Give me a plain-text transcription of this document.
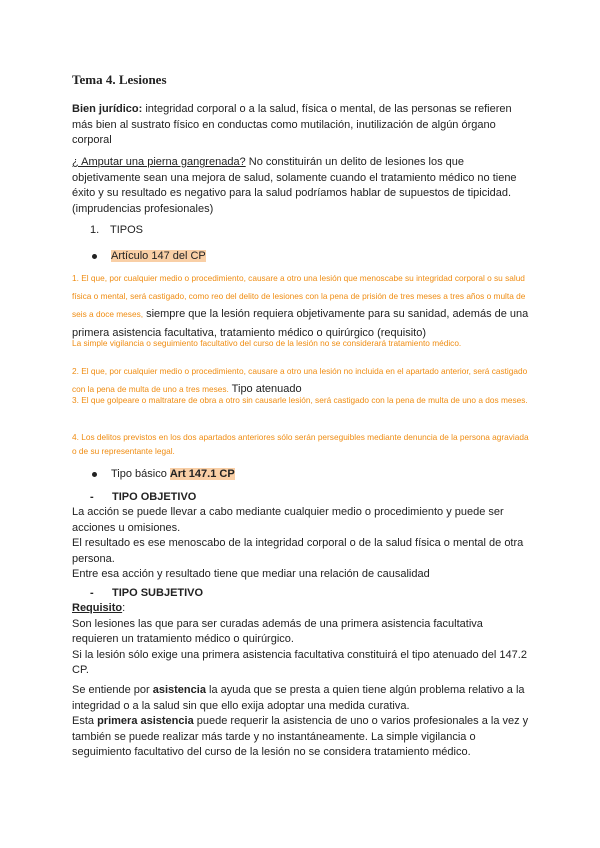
Tema 4. Lesiones
Bien jurídico: integridad corporal o a la salud, física o mental, de las personas se refieren más bien al sustrato físico en conductas como mutilación, inutilización de algún órgano corporal
¿ Amputar una pierna gangrenada? No constituirán un delito de lesiones los que objetivamente sean una mejora de salud, solamente cuando el tratamiento médico no tiene éxito y su resultado es negativo para la salud podríamos hablar de supuestos de tipicidad. (imprudencias profesionales)
1. TIPOS
Artículo 147 del CP
1. El que, por cualquier medio o procedimiento, causare a otro una lesión que menoscabe su integridad corporal o su salud física o mental, será castigado, como reo del delito de lesiones con la pena de prisión de tres meses a tres años o multa de seis a doce meses, siempre que la lesión requiera objetivamente para su sanidad, además de una primera asistencia facultativa, tratamiento médico o quirúrgico (requisito)
La simple vigilancia o seguimiento facultativo del curso de la lesión no se considerará tratamiento médico.
2. El que, por cualquier medio o procedimiento, causare a otro una lesión no incluida en el apartado anterior, será castigado con la pena de multa de uno a tres meses. Tipo atenuado
3. El que golpeare o maltratare de obra a otro sin causarle lesión, será castigado con la pena de multa de uno a dos meses.
4. Los delitos previstos en los dos apartados anteriores sólo serán perseguibles mediante denuncia de la persona agraviada o de su representante legal.
Tipo básico Art 147.1 CP
- TIPO OBJETIVO
La acción se puede llevar a cabo mediante cualquier medio o procedimiento y puede ser acciones u omisiones.
El resultado es ese menoscabo de la integridad corporal o de la salud física o mental de otra persona.
Entre esa acción y resultado tiene que mediar una relación de causalidad
- TIPO SUBJETIVO
Requisito:
Son lesiones las que para ser curadas además de una primera asistencia facultativa requieren un tratamiento médico o quirúrgico.
Si la lesión sólo exige una primera asistencia facultativa constituirá el tipo atenuado del 147.2 CP.
Se entiende por asistencia la ayuda que se presta a quien tiene algún problema relativo a la integridad o a la salud sin que ello exija adoptar una medida curativa.
Esta primera asistencia puede requerir la asistencia de uno o varios profesionales a la vez y también se puede realizar más tarde y no instantáneamente. La simple vigilancia o seguimiento facultativo del curso de la lesión no se considera tratamiento médico.
